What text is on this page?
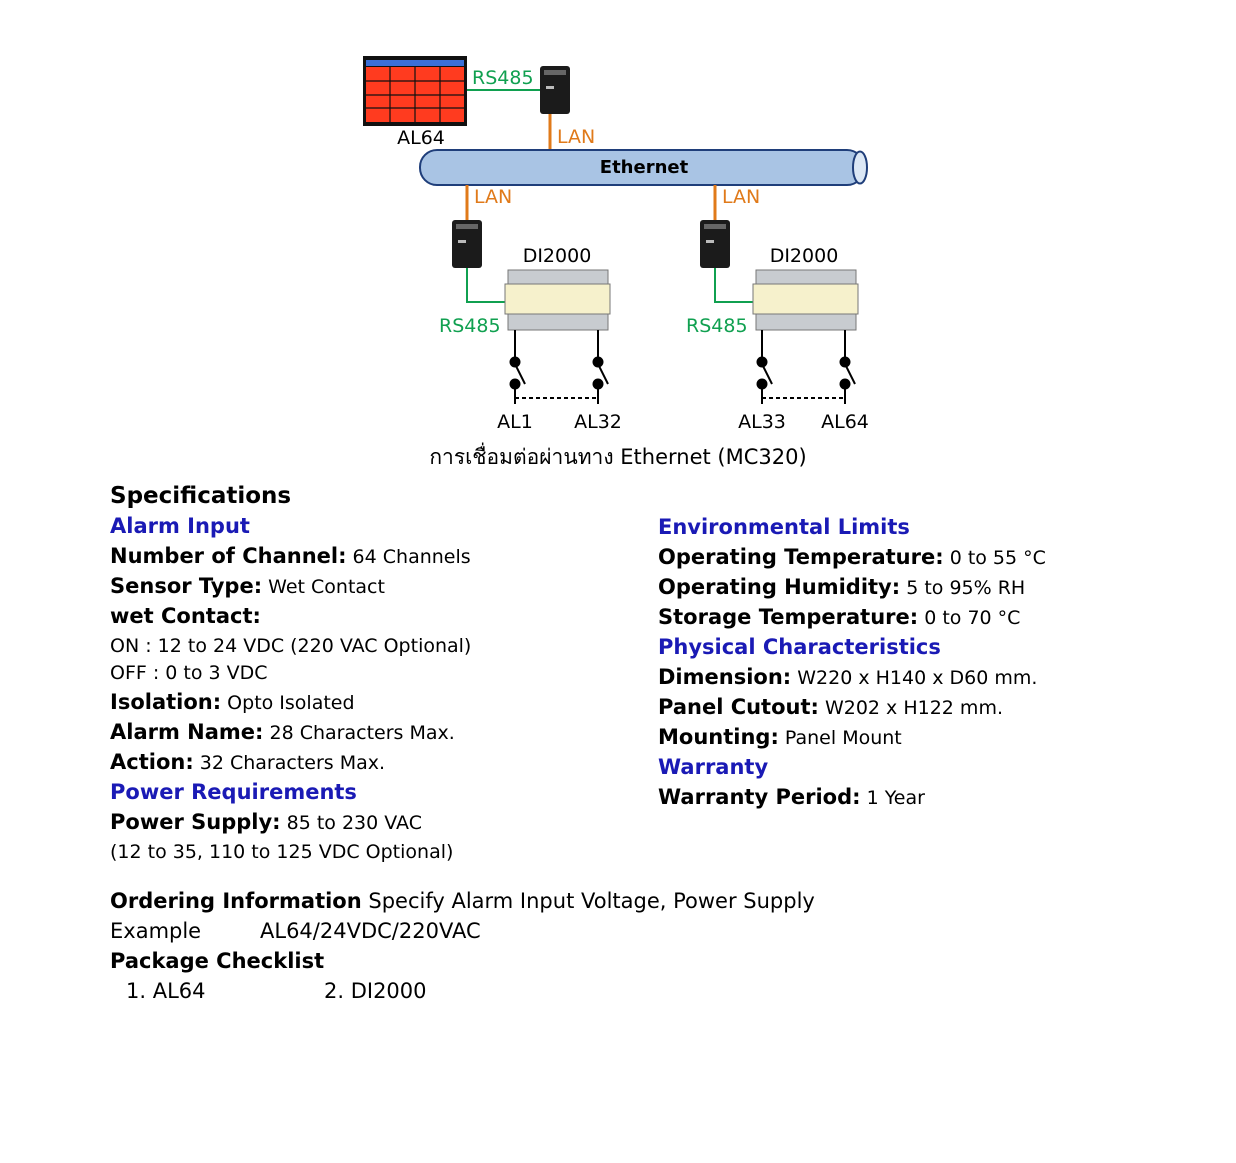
AL64
RS485
LAN
Ethernet
LAN
RS485
DI2000
LAN
RS485
DI2000
AL1 AL32	AL33 AL64
การเชื่อมต่อผ่านทาง Ethernet (MC320)
Specifications
Alarm Input
Number of Channel: 64 Channels
Sensor Type: Wet Contact
wet Contact:
ON : 12 to 24 VDC (220 VAC Optional)
OFF : 0 to 3 VDC
Isolation: Opto Isolated
Alarm Name: 28 Characters Max.
Action: 32 Characters Max.
Power Requirements
Power Supply: 85 to 230 VAC
(12 to 35, 110 to 125 VDC Optional)
Environmental Limits
Operating Temperature: 0 to 55 °C
Operating Humidity: 5 to 95% RH
Storage Temperature: 0 to 70 °C
Physical Characteristics
Dimension: W220 x H140 x D60 mm.
Panel Cutout: W202 x H122 mm.
Mounting: Panel Mount
Warranty
Warranty Period: 1 Year
Ordering Information Specify Alarm Input Voltage, Power Supply
Example	AL64/24VDC/220VAC
Package Checklist
1. AL64	2. DI2000
